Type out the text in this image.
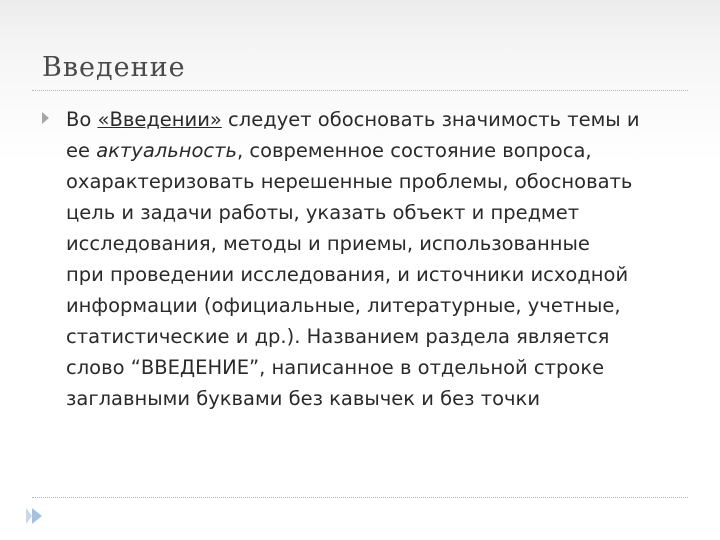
Введение
Во «Введении» следует обосновать значимость темы и
ее актуальность, современное состояние вопроса,
охарактеризовать нерешенные проблемы, обосновать
цель и задачи работы, указать объект и предмет
исследования, методы и приемы, использованные
при проведении исследования, и источники исходной
информации (официальные, литературные, учетные,
статистические и др.). Названием раздела является
слово “ВВЕДЕНИЕ”, написанное в отдельной строке
заглавными буквами без кавычек и без точки
